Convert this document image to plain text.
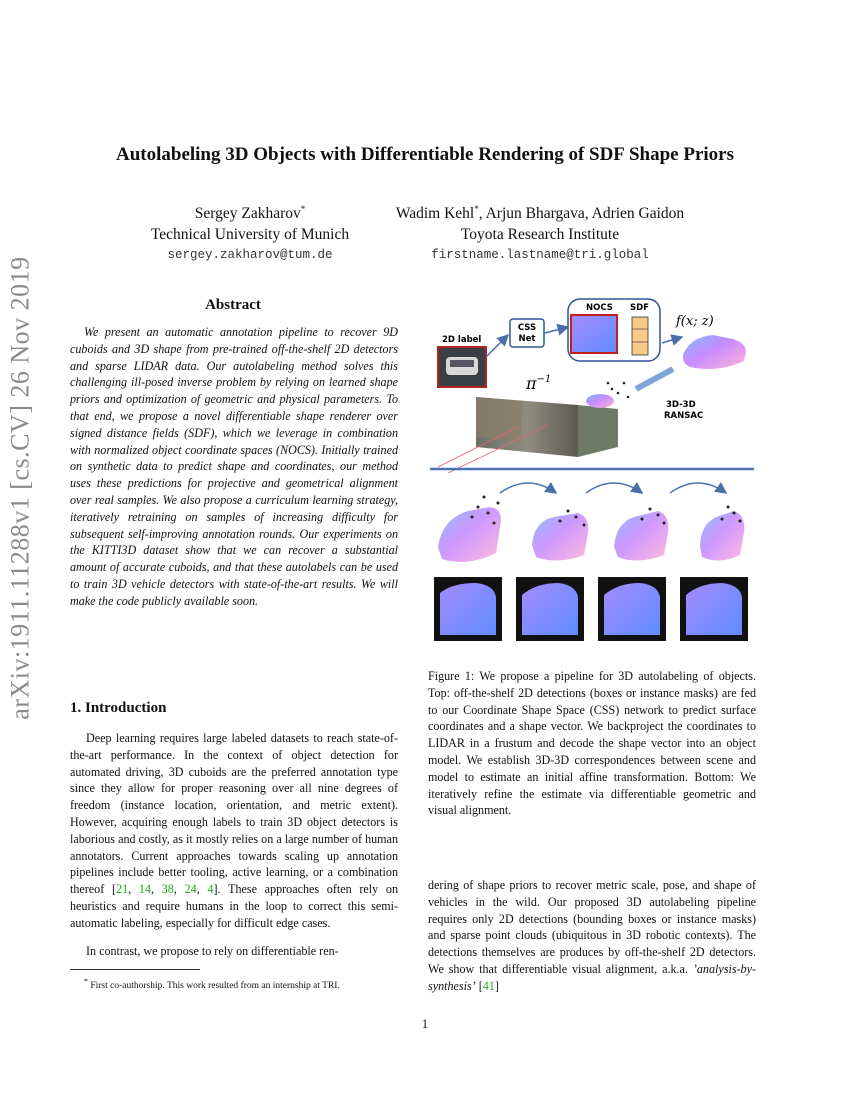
arXiv:1911.11288v1 [cs.CV] 26 Nov 2019
Autolabeling 3D Objects with Differentiable Rendering of SDF Shape Priors
Sergey Zakharov*
Technical University of Munich
sergey.zakharov@tum.de
Wadim Kehl*, Arjun Bhargava, Adrien Gaidon
Toyota Research Institute
firstname.lastname@tri.global
Abstract
We present an automatic annotation pipeline to recover 9D cuboids and 3D shape from pre-trained off-the-shelf 2D detectors and sparse LIDAR data. Our autolabeling method solves this challenging ill-posed inverse problem by relying on learned shape priors and optimization of geometric and physical parameters. To that end, we propose a novel differentiable shape renderer over signed distance fields (SDF), which we leverage in combination with normalized object coordinate spaces (NOCS). Initially trained on synthetic data to predict shape and coordinates, our method uses these predictions for projective and geometrical alignment over real samples. We also propose a curriculum learning strategy, iteratively retraining on samples of increasing difficulty for subsequent self-improving annotation rounds. Our experiments on the KITTI3D dataset show that we can recover a substantial amount of accurate cuboids, and that these autolabels can be used to train 3D vehicle detectors with state-of-the-art results. We will make the code publicly available soon.
1. Introduction
Deep learning requires large labeled datasets to reach state-of-the-art performance. In the context of object detection for automated driving, 3D cuboids are the preferred annotation type since they allow for proper reasoning over all nine degrees of freedom (instance location, orientation, and metric extent). However, acquiring enough labels to train 3D object detectors is laborious and costly, as it mostly relies on a large number of human annotators. Current approaches towards scaling up annotation pipelines include better tooling, active learning, or a combination thereof [21, 14, 38, 24, 4]. These approaches often rely on heuristics and require humans in the loop to correct this semi-automatic labeling, especially for difficult edge cases.
In contrast, we propose to rely on differentiable ren-
dering of shape priors to recover metric scale, pose, and shape of vehicles in the wild. Our proposed 3D autolabeling pipeline requires only 2D detections (bounding boxes or instance masks) and sparse point clouds (ubiquitous in 3D robotic contexts). The detections themselves are produces by off-the-shelf 2D detectors. We show that differentiable visual alignment, a.k.a. ’analysis-by-synthesis’ [41]
* First co-authorship. This work resulted from an internship at TRI.
2D label
CSS
Net
NOCS SDF
f(x; z)
$\pi^{-1}$
3D-3D
RANSAC
Figure 1: We propose a pipeline for 3D autolabeling of objects. Top: off-the-shelf 2D detections (boxes or instance masks) are fed to our Coordinate Shape Space (CSS) network to predict surface coordinates and a shape vector. We backproject the coordinates to LIDAR in a frustum and decode the shape vector into an object model. We establish 3D-3D correspondences between scene and model to estimate an initial affine transformation. Bottom: We iteratively refine the estimate via differentiable geometric and visual alignment.
1
